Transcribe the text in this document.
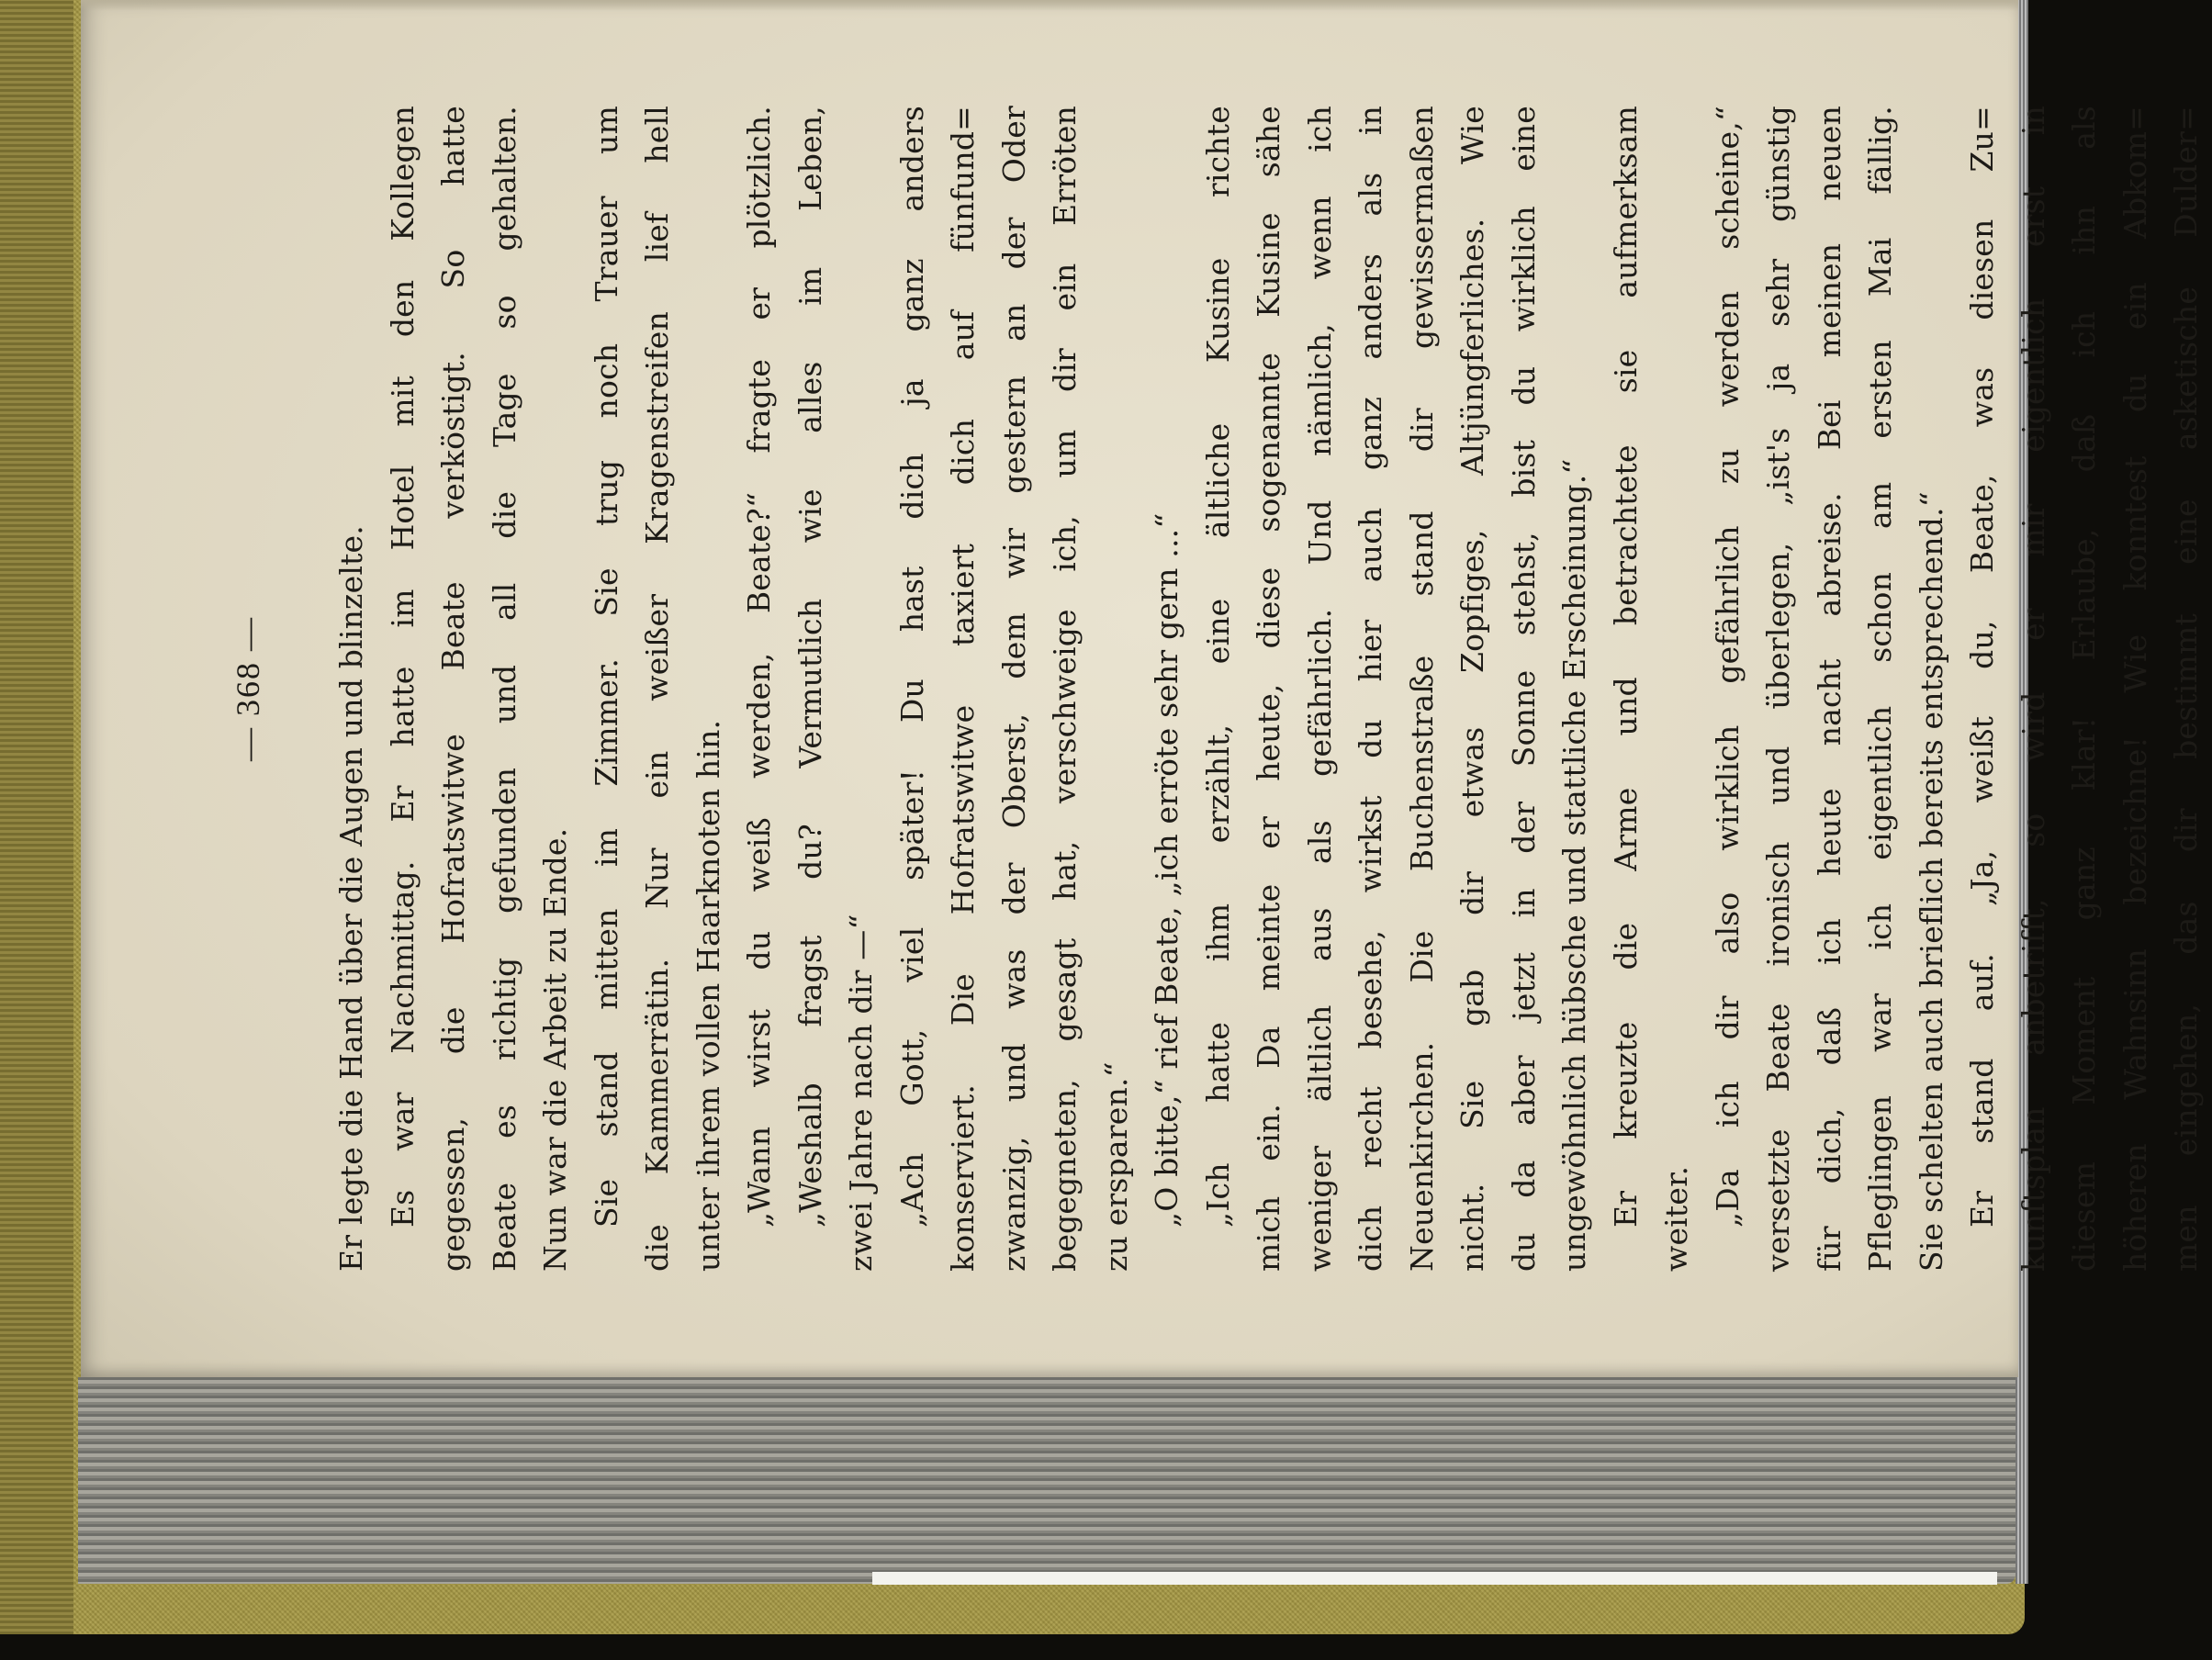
— 368 —	Er legte die Hand über die Augen und blinzelte. Es war Nachmittag. Er hatte im Hotel mit den Kollegen gegessen, die Hofratswitwe Beate verköstigt. So hatte Beate es richtig gefunden und all die Tage so gehalten. Nun war die Arbeit zu Ende. Sie stand mitten im Zimmer. Sie trug noch Trauer um die Kammerrätin. Nur ein weißer Kragenstreifen lief hell unter ihrem vollen Haarknoten hin. „Wann wirst du weiß werden, Beate?“ fragte er plötzlich. „Weshalb fragst du? Vermutlich wie alles im Leben, zwei Jahre nach dir —“ „Ach Gott, viel später! Du hast dich ja ganz anders konserviert. Die Hofratswitwe taxiert dich auf fünfund= zwanzig, und was der Oberst, dem wir gestern an der Oder begegneten, gesagt hat, verschweige ich, um dir ein Erröten zu ersparen.“ „O bitte,“ rief Beate, „ich erröte sehr gern ...“ „Ich hatte ihm erzählt, eine ältliche Kusine richte mich ein. Da meinte er heute, diese sogenannte Kusine sähe weniger ältlich aus als gefährlich. Und nämlich, wenn ich dich recht besehe, wirkst du hier auch ganz anders als in Neuenkirchen. Die Buchenstraße stand dir gewissermaßen nicht. Sie gab dir etwas Zopfiges, Altjüngferliches. Wie du da aber jetzt in der Sonne stehst, bist du wirklich eine ungewöhnlich hübsche und stattliche Erscheinung.“ Er kreuzte die Arme und betrachtete sie aufmerksam weiter. „Da ich dir also wirklich gefährlich zu werden scheine,“ versetzte Beate ironisch und überlegen, „ist's ja sehr günstig für dich, daß ich heute nacht abreise. Bei meinen neuen Pfleglingen war ich eigentlich schon am ersten Mai fällig. Sie schelten auch brieflich bereits entsprechend.“ Er stand auf. „Ja, weißt du, Beate, was diesen Zu= kunftsplan anbetrifft, so wird er mir eigentlich erst in diesem Moment ganz klar! Erlaube, daß ich ihn als höheren Wahnsinn bezeichne! Wie konntest du ein Abkom= men eingehen, das dir bestimmt eine asketische Dulder=
